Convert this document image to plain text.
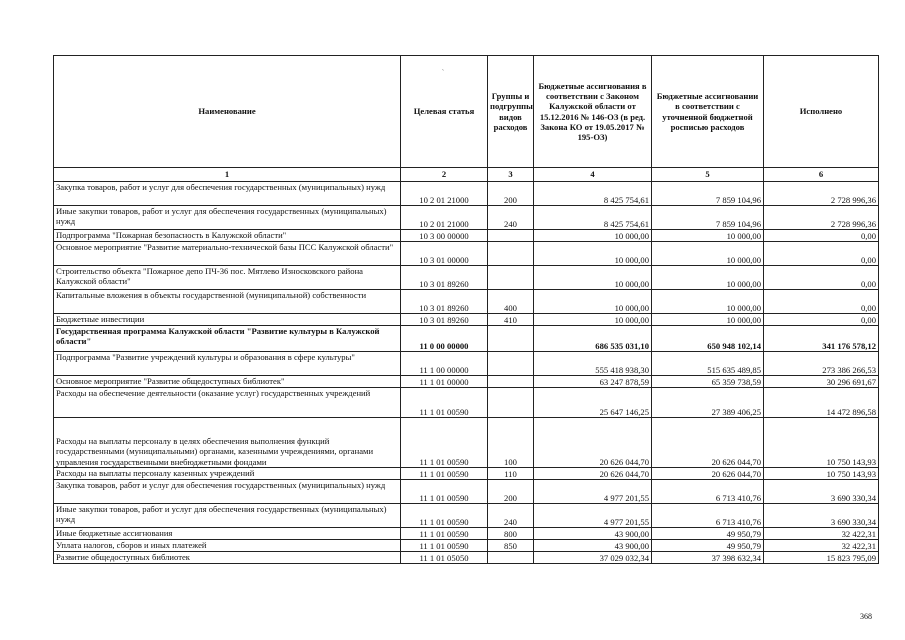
`
Наименование	Целевая статья	Группы и подгруппы видов расходов	Бюджетные ассигнования в соответствии с Законом Калужской области от 15.12.2016 № 146-ОЗ (в ред. Закона КО от 19.05.2017 № 195-ОЗ)	Бюджетные ассигновании в соответствии с уточненной бюджетной росписью расходов	Исполнено
1	2	3	4	5	6
Закупка товаров, работ и услуг для обеспечения государственных (муниципальных) нужд	10 2 01 21000	200	8 425 754,61	7 859 104,96	2 728 996,36
Иные закупки товаров, работ и услуг для обеспечения государственных (муниципальных) нужд	10 2 01 21000	240	8 425 754,61	7 859 104,96	2 728 996,36
Подпрограмма "Пожарная безопасность в Калужской области"	10 3 00 00000		10 000,00	10 000,00	0,00
Основное мероприятие "Развитие материально-технической базы ПСС Калужской области"	10 3 01 00000		10 000,00	10 000,00	0,00
Строительство объекта "Пожарное депо ПЧ-36 пос. Мятлево Износковского района Калужской области"	10 3 01 89260		10 000,00	10 000,00	0,00
Капитальные вложения в объекты государственной (муниципальной) собственности	10 3 01 89260	400	10 000,00	10 000,00	0,00
Бюджетные инвестиции	10 3 01 89260	410	10 000,00	10 000,00	0,00
Государственная программа Калужской области "Развитие культуры в Калужской области"	11 0 00 00000		686 535 031,10	650 948 102,14	341 176 578,12
Подпрограмма "Развитие учреждений культуры и образования в сфере культуры"	11 1 00 00000		555 418 938,30	515 635 489,85	273 386 266,53
Основное мероприятие "Развитие общедоступных библиотек"	11 1 01 00000		63 247 878,59	65 359 738,59	30 296 691,67
Расходы на обеспечение деятельности (оказание услуг) государственных учреждений	11 1 01 00590		25 647 146,25	27 389 406,25	14 472 896,58
Расходы на выплаты персоналу в целях обеспечения выполнения функций государственными (муниципальными) органами, казенными учреждениями, органами управления государственными внебюджетными фондами	11 1 01 00590	100	20 626 044,70	20 626 044,70	10 750 143,93
Расходы на выплаты персоналу казенных учреждений	11 1 01 00590	110	20 626 044,70	20 626 044,70	10 750 143,93
Закупка товаров, работ и услуг для обеспечения государственных (муниципальных) нужд	11 1 01 00590	200	4 977 201,55	6 713 410,76	3 690 330,34
Иные закупки товаров, работ и услуг для обеспечения государственных (муниципальных) нужд	11 1 01 00590	240	4 977 201,55	6 713 410,76	3 690 330,34
Иные бюджетные ассигнования	11 1 01 00590	800	43 900,00	49 950,79	32 422,31
Уплата налогов, сборов и иных платежей	11 1 01 00590	850	43 900,00	49 950,79	32 422,31
Развитие общедоступных библиотек	11 1 01 05050		37 029 032,34	37 398 632,34	15 823 795,09
368
